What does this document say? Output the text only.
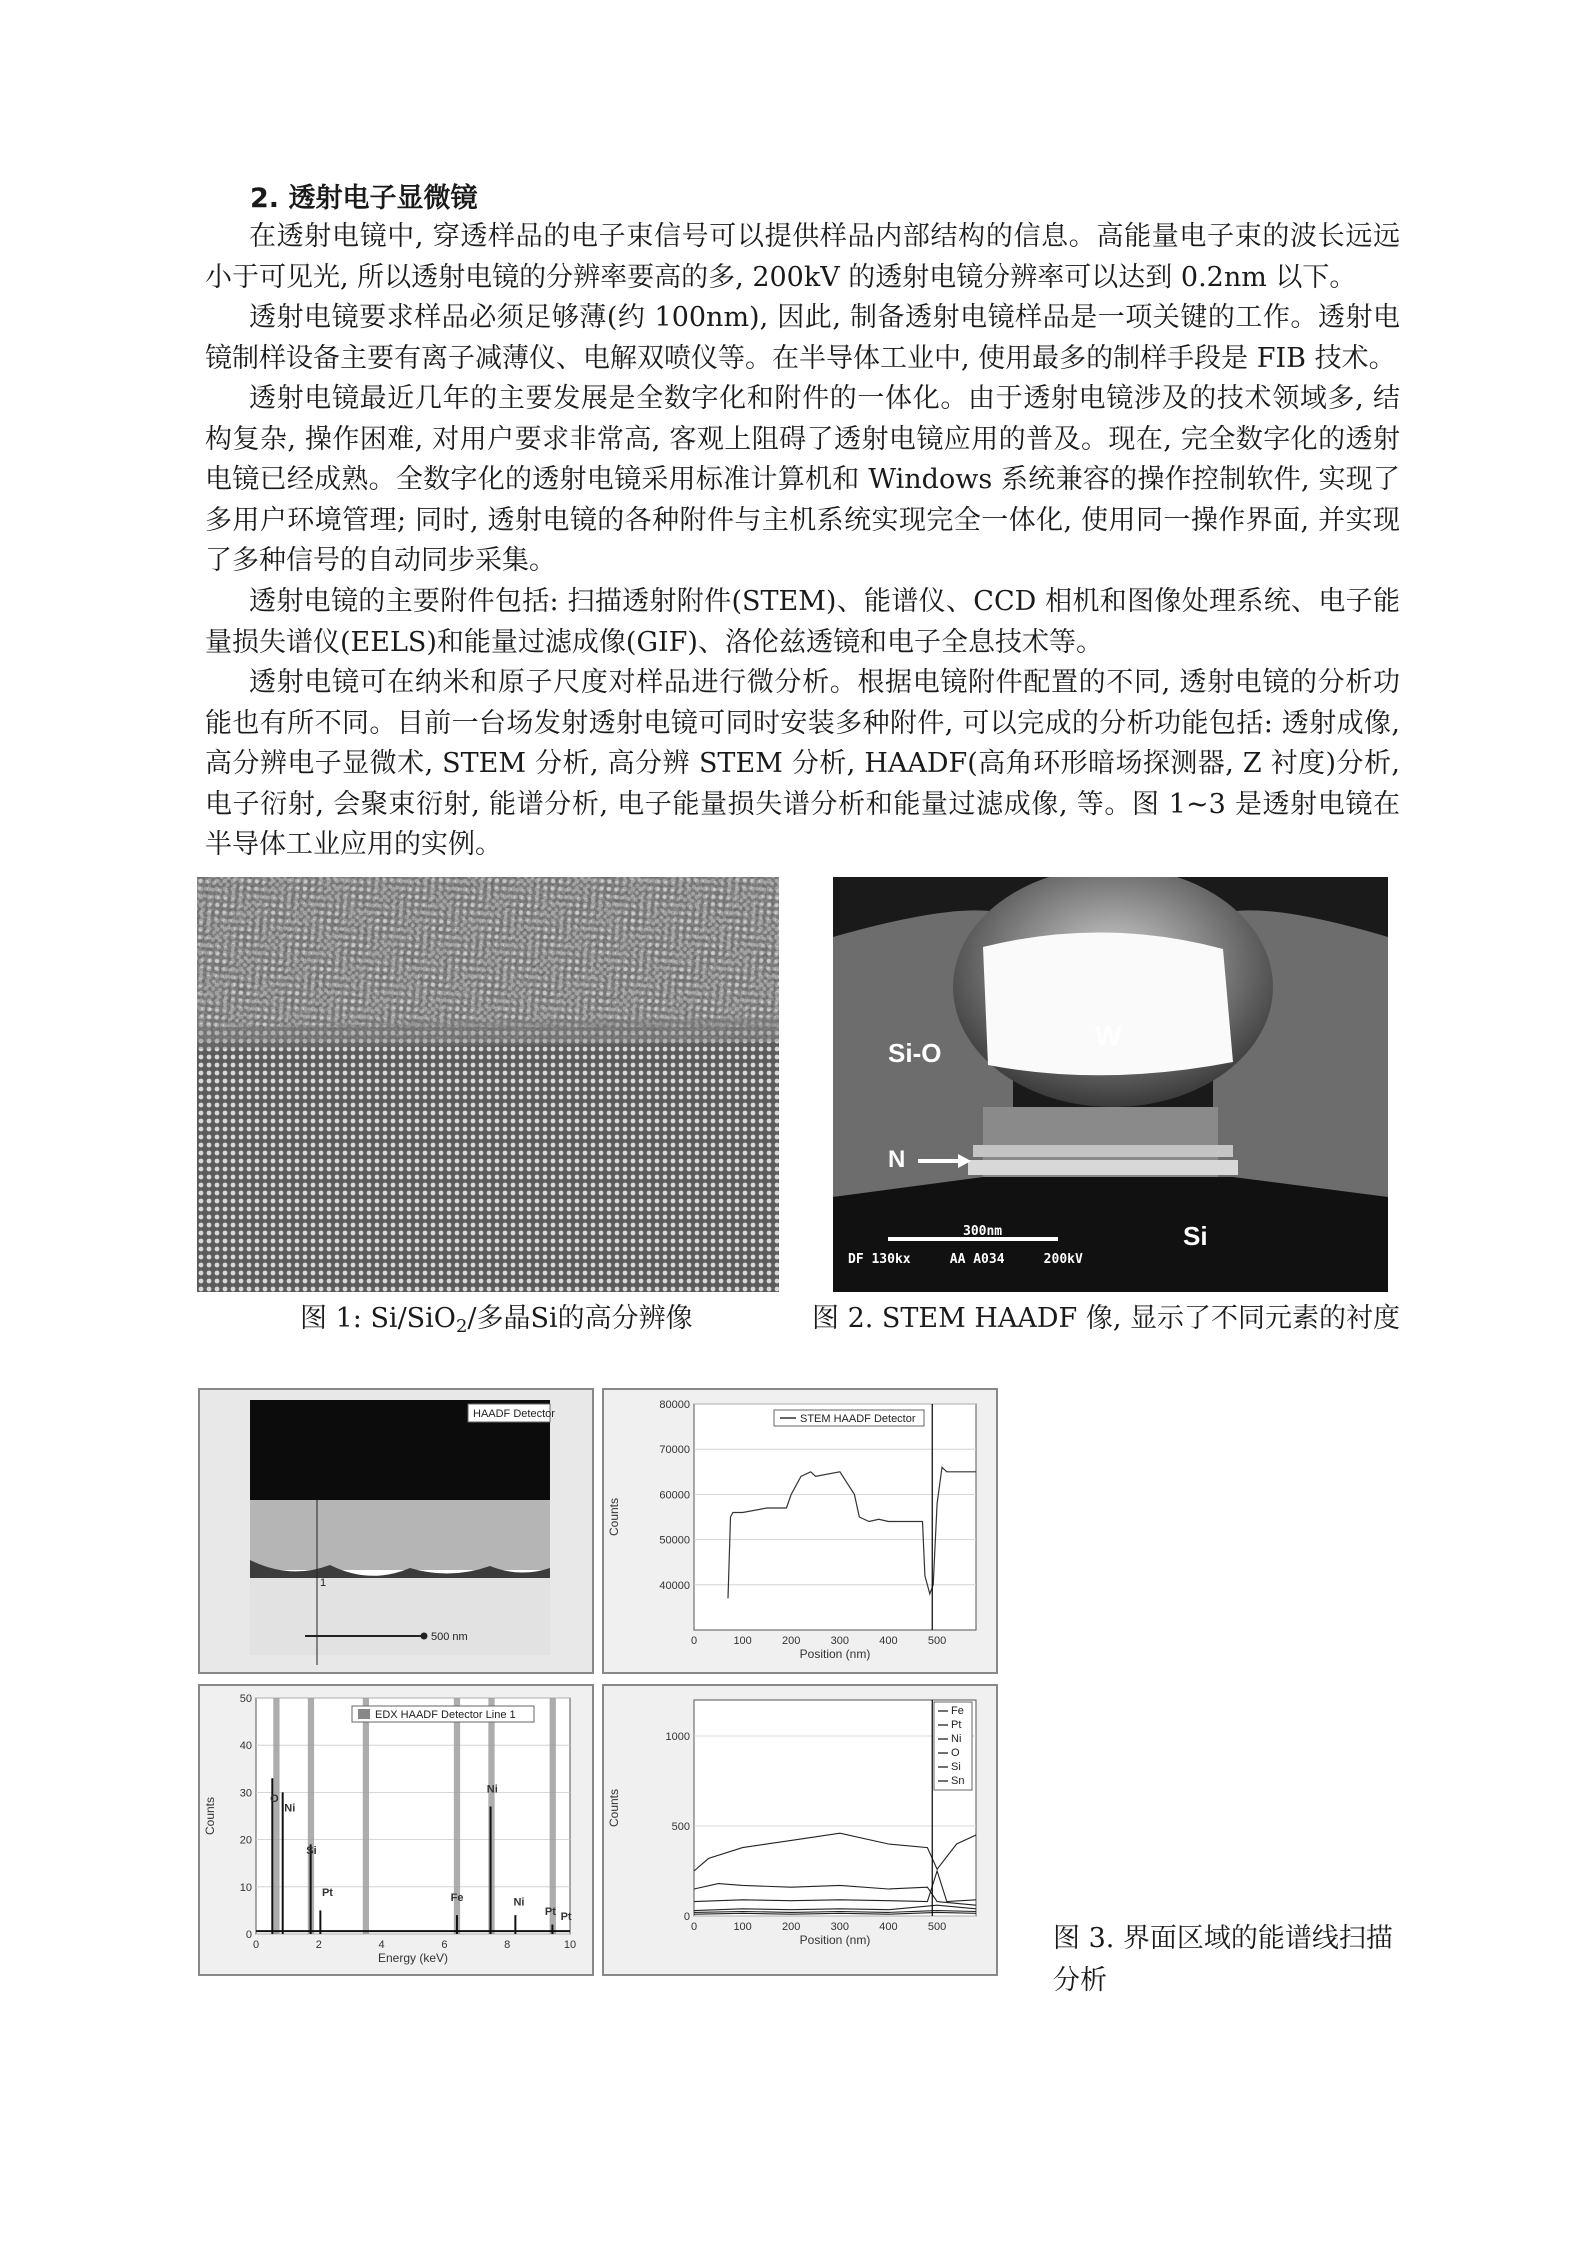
2. 透射电子显微镜
在透射电镜中, 穿透样品的电子束信号可以提供样品内部结构的信息。高能量电子束的波长远远小于可见光, 所以透射电镜的分辨率要高的多, 200kV 的透射电镜分辨率可以达到 0.2nm 以下。
透射电镜要求样品必须足够薄(约 100nm), 因此, 制备透射电镜样品是一项关键的工作。透射电镜制样设备主要有离子减薄仪、电解双喷仪等。在半导体工业中, 使用最多的制样手段是 FIB 技术。
透射电镜最近几年的主要发展是全数字化和附件的一体化。由于透射电镜涉及的技术领域多, 结构复杂, 操作困难, 对用户要求非常高, 客观上阻碍了透射电镜应用的普及。现在, 完全数字化的透射电镜已经成熟。全数字化的透射电镜采用标准计算机和 Windows 系统兼容的操作控制软件, 实现了多用户环境管理; 同时, 透射电镜的各种附件与主机系统实现完全一体化, 使用同一操作界面, 并实现了多种信号的自动同步采集。
透射电镜的主要附件包括: 扫描透射附件(STEM)、能谱仪、CCD 相机和图像处理系统、电子能量损失谱仪(EELS)和能量过滤成像(GIF)、洛伦兹透镜和电子全息技术等。
透射电镜可在纳米和原子尺度对样品进行微分析。根据电镜附件配置的不同, 透射电镜的分析功能也有所不同。目前一台场发射透射电镜可同时安装多种附件, 可以完成的分析功能包括: 透射成像, 高分辨电子显微术, STEM 分析, 高分辨 STEM 分析, HAADF(高角环形暗场探测器, Z 衬度)分析, 电子衍射, 会聚束衍射, 能谱分析, 电子能量损失谱分析和能量过滤成像, 等。图 1~3 是透射电镜在半导体工业应用的实例。
图 1: Si/SiO$_2$/多晶Si的高分辨像
Si-O
W
N
Si
300nm
DF 130kx     AA A034     200kV
图 2. STEM HAADF 像, 显示了不同元素的衬度
HAADF Detector
500 nm
1	40000
50000
60000
70000
80000
0	100	200	300	400	500
Position (nm)
Counts
STEM HAADF Detector
0
10
20
30
40
50
0	2	4	6	8	10
Energy (keV)
Counts	O
Ni
Si
Pt	Fe
Ni
Ni
Pt Pt
EDX HAADF Detector Line 1
0
500
1000
0	100	200	300	400	500
Position (nm)
Counts
Fe
Pt
Ni
O
Si
Sn
图 3. 界面区域的能谱线扫描分析
